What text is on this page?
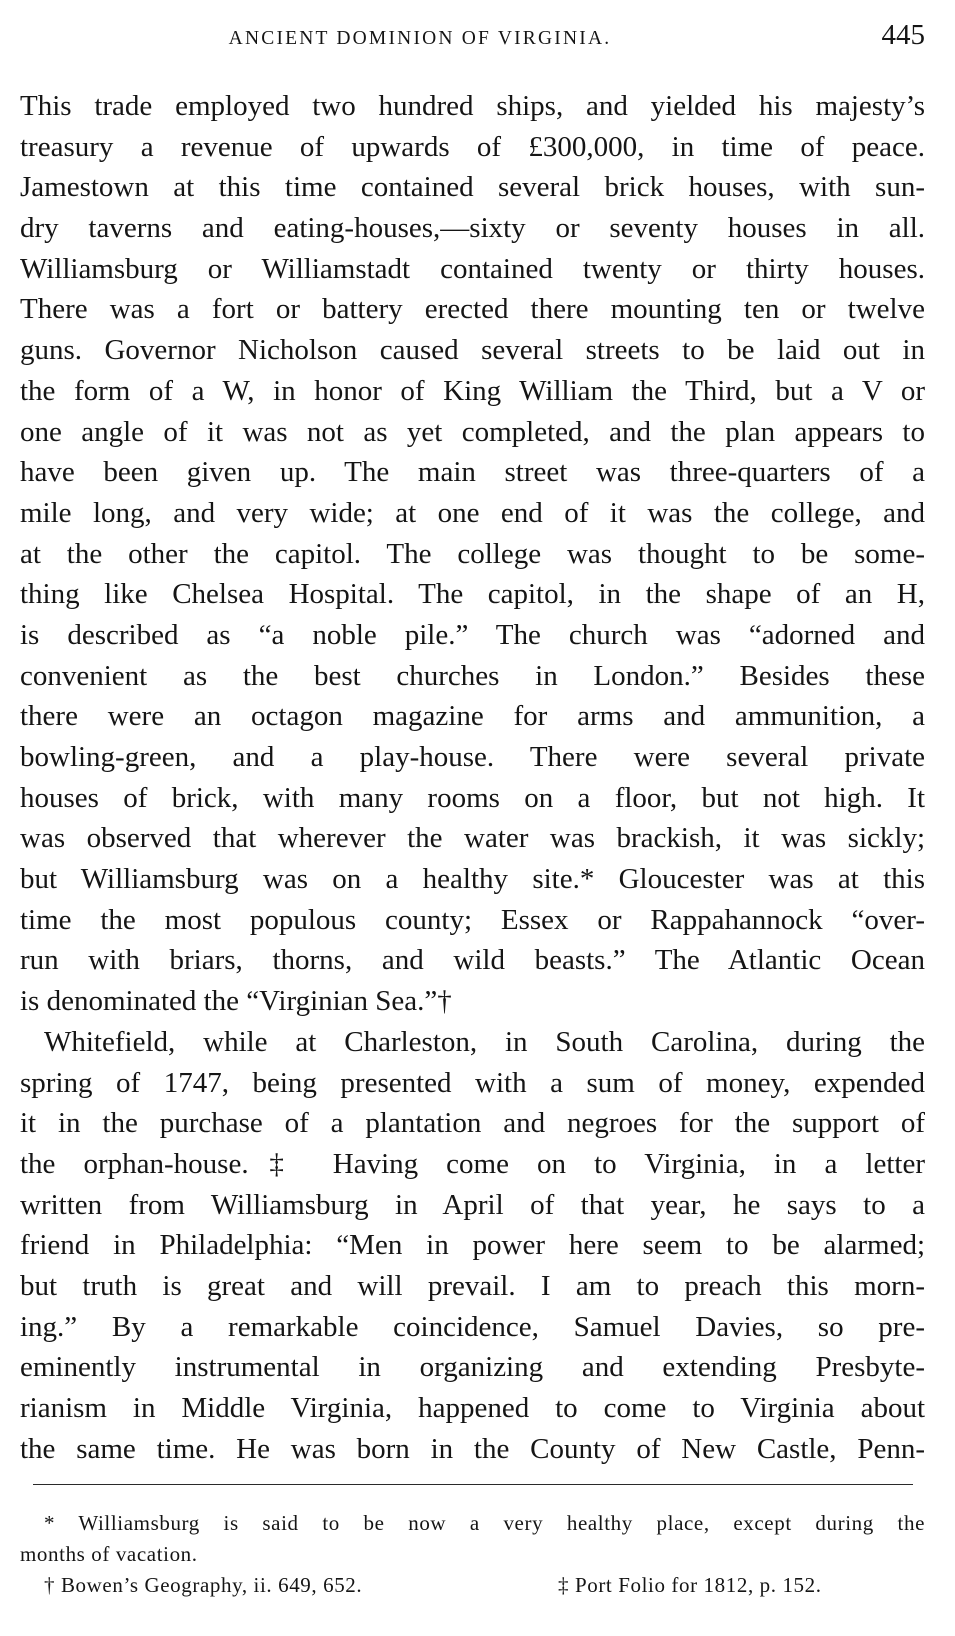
ANCIENT DOMINION OF VIRGINIA.	445
This trade employed two hundred ships, and yielded his majesty’s
treasury a revenue of upwards of £300,000, in time of peace.
Jamestown at this time contained several brick houses, with sun-
dry taverns and eating-houses,—sixty or seventy houses in all.
Williamsburg or Williamstadt contained twenty or thirty houses.
There was a fort or battery erected there mounting ten or twelve
guns. Governor Nicholson caused several streets to be laid out in
the form of a W, in honor of King William the Third, but a V or
one angle of it was not as yet completed, and the plan appears to
have been given up. The main street was three-quarters of a
mile long, and very wide; at one end of it was the college, and
at the other the capitol. The college was thought to be some-
thing like Chelsea Hospital. The capitol, in the shape of an H,
is described as “a noble pile.” The church was “adorned and
convenient as the best churches in London.” Besides these
there were an octagon magazine for arms and ammunition, a
bowling-green, and a play-house. There were several private
houses of brick, with many rooms on a floor, but not high. It
was observed that wherever the water was brackish, it was sickly;
but Williamsburg was on a healthy site.* Gloucester was at this
time the most populous county; Essex or Rappahannock “over-
run with briars, thorns, and wild beasts.” The Atlantic Ocean
is denominated the “Virginian Sea.”†
Whitefield, while at Charleston, in South Carolina, during the
spring of 1747, being presented with a sum of money, expended
it in the purchase of a plantation and negroes for the support of
the orphan-house.‡ Having come on to Virginia, in a letter
written from Williamsburg in April of that year, he says to a
friend in Philadelphia: “Men in power here seem to be alarmed;
but truth is great and will prevail. I am to preach this morn-
ing.” By a remarkable coincidence, Samuel Davies, so pre-
eminently instrumental in organizing and extending Presbyte-
rianism in Middle Virginia, happened to come to Virginia about
the same time. He was born in the County of New Castle, Penn-
* Williamsburg is said to be now a very healthy place, except during the
months of vacation.
† Bowen’s Geography, ii. 649, 652.	‡ Port Folio for 1812, p. 152.
